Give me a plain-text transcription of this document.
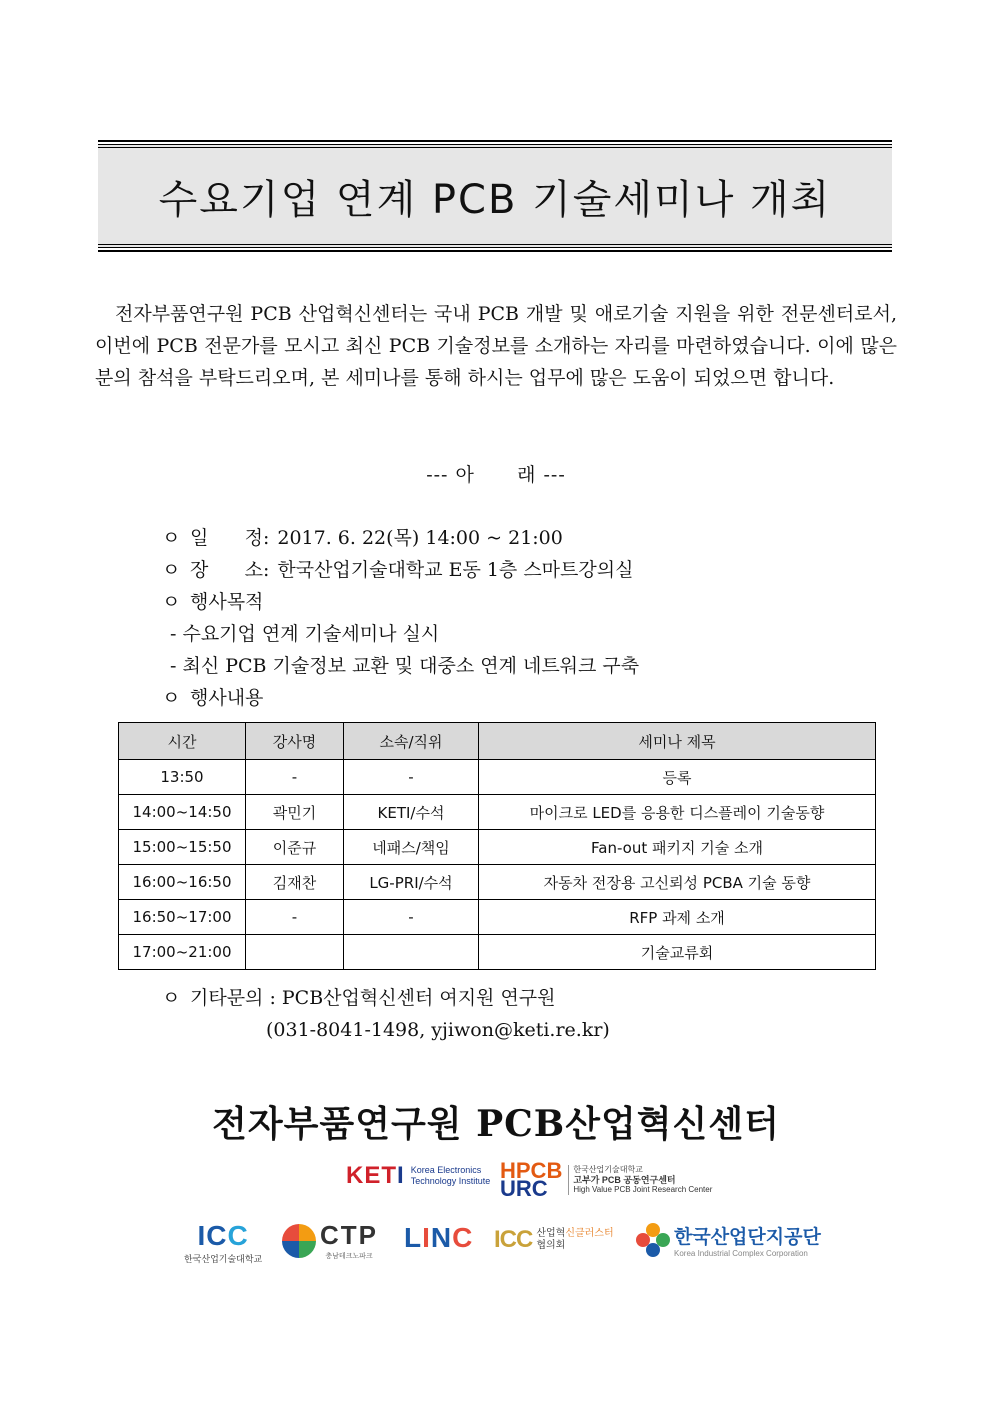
수요기업 연계 PCB 기술세미나 개최

전자부품연구원 PCB 산업혁신센터는 국내 PCB 개발 및 애로기술 지원을 위한 전문센터로서, 이번에 PCB 전문가를 모시고 최신 PCB 기술정보를 소개하는 자리를 마련하였습니다. 이에 많은 분의 참석을 부탁드리오며, 본 세미나를 통해 하시는 업무에 많은 도움이 되었으면 합니다.

--- 아      래 ---
ㅇ 일      정: 2017. 6. 22(목) 14:00 ~ 21:00
ㅇ 장      소: 한국산업기술대학교 E동 1층 스마트강의실
ㅇ 행사목적
- 수요기업 연계 기술세미나 실시
- 최신 PCB 기술정보 교환 및 대중소 연계 네트워크 구축
ㅇ 행사내용
시간	강사명	소속/직위	세미나 제목
13:50	-	-	등록
14:00~14:50	곽민기	KETI/수석	마이크로 LED를 응용한 디스플레이 기술동향
15:00~15:50	이준규	네패스/책임	Fan-out 패키지 기술 소개
16:00~16:50	김재찬	LG-PRI/수석	자동차 전장용 고신뢰성 PCBA 기술 동향
16:50~17:00	-	-	RFP 과제 소개
17:00~21:00			기술교류회
ㅇ 기타문의 : PCB산업혁신센터 여지원 연구원
(031-8041-1498, yjiwon@keti.re.kr)
전자부품연구원 PCB산업혁신센터
KETI Korea Electronics
Technology Institute HPCB
URC
한국산업기술대학교
고부가 PCB 공동연구센터
High Value PCB Joint Research Center
ICC
한국산업기술대학교
CTP
충남테크노파크
LINC ICC 산업혁신클러스터
협의회	한국산업단지공단
Korea Industrial Complex Corporation
